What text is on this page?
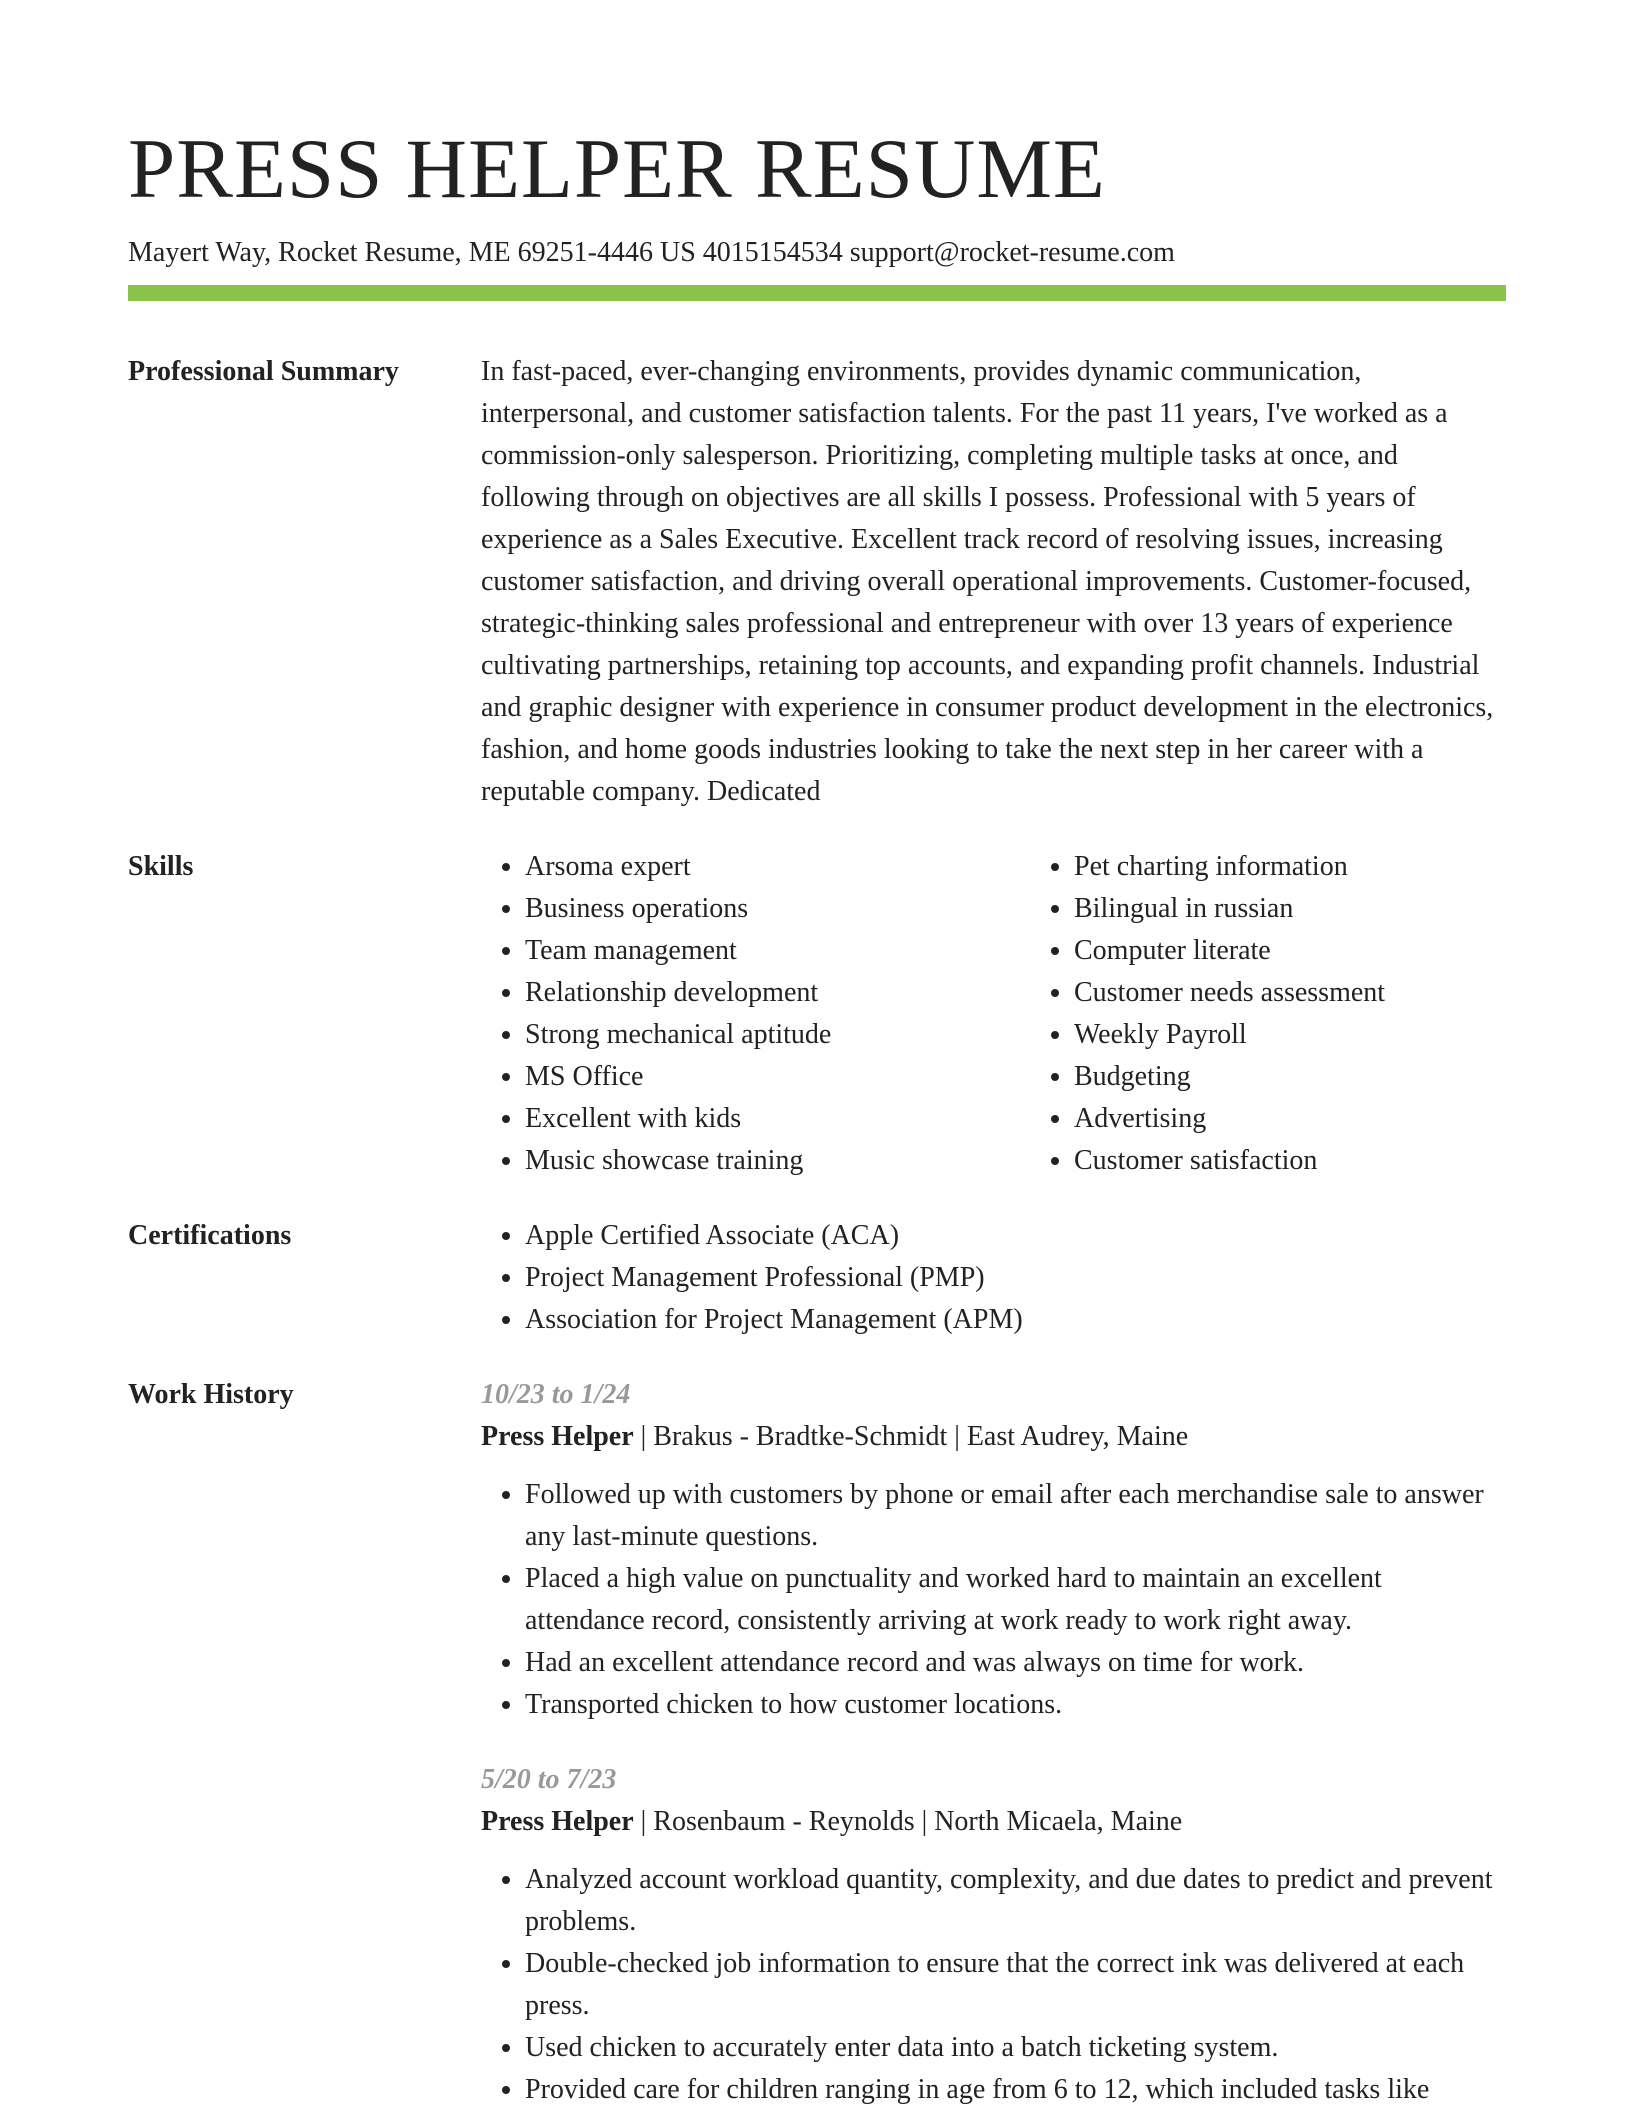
PRESS HELPER RESUME
Mayert Way, Rocket Resume, ME 69251-4446 US 4015154534 support@rocket-resume.com
Professional Summary	In fast-paced, ever-changing environments, provides dynamic communication, interpersonal, and customer satisfaction talents. For the past 11 years, I've worked as a commission-only salesperson. Prioritizing, completing multiple tasks at once, and following through on objectives are all skills I possess. Professional with 5 years of experience as a Sales Executive. Excellent track record of resolving issues, increasing customer satisfaction, and driving overall operational improvements. Customer-focused, strategic-thinking sales professional and entrepreneur with over 13 years of experience cultivating partnerships, retaining top accounts, and expanding profit channels. Industrial and graphic designer with experience in consumer product development in the electronics, fashion, and home goods industries looking to take the next step in her career with a reputable company. Dedicated

Skills	• Arsoma expert
• Business operations
• Team management
• Relationship development
• Strong mechanical aptitude
• MS Office
• Excellent with kids
• Music showcase training
• Pet charting information
• Bilingual in russian
• Computer literate
• Customer needs assessment
• Weekly Payroll
• Budgeting
• Advertising
• Customer satisfaction
Certifications	• Apple Certified Associate (ACA)
• Project Management Professional (PMP)
• Association for Project Management (APM)
Work History	10/23 to 1/24
Press Helper | Brakus - Bradtke-Schmidt | East Audrey, Maine
• Followed up with customers by phone or email after each merchandise sale to answer any last-minute questions.
• Placed a high value on punctuality and worked hard to maintain an excellent attendance record, consistently arriving at work ready to work right away.
• Had an excellent attendance record and was always on time for work.
• Transported chicken to how customer locations.
5/20 to 7/23
Press Helper | Rosenbaum - Reynolds | North Micaela, Maine
• Analyzed account workload quantity, complexity, and due dates to predict and prevent problems.
• Double-checked job information to ensure that the correct ink was delivered at each press.
• Used chicken to accurately enter data into a batch ticketing system.
• Provided care for children ranging in age from 6 to 12, which included tasks like
